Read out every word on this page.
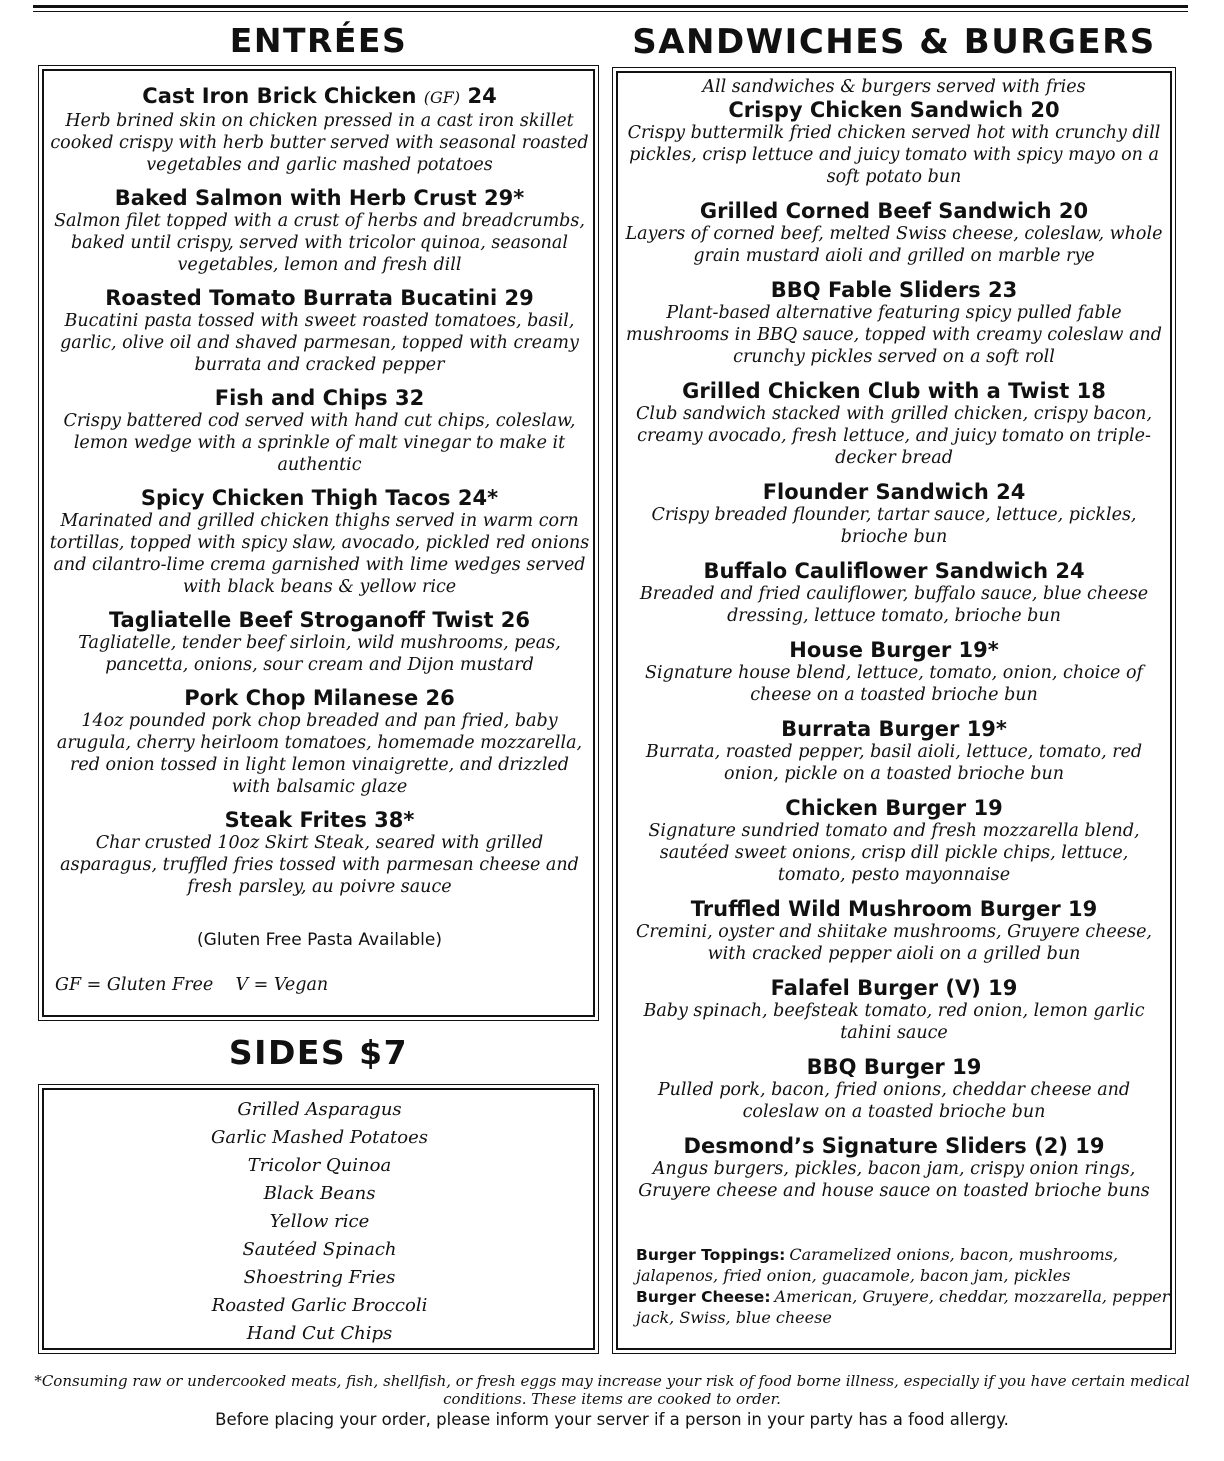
ENTRÉES
Cast Iron Brick Chicken (GF) 24
Herb brined skin on chicken pressed in a cast iron skillet cooked crispy with herb butter served with seasonal roasted vegetables and garlic mashed potatoes
Baked Salmon with Herb Crust 29*
Salmon filet topped with a crust of herbs and breadcrumbs, baked until crispy, served with tricolor quinoa, seasonal vegetables, lemon and fresh dill
Roasted Tomato Burrata Bucatini 29
Bucatini pasta tossed with sweet roasted tomatoes, basil, garlic, olive oil and shaved parmesan, topped with creamy burrata and cracked pepper
Fish and Chips 32
Crispy battered cod served with hand cut chips, coleslaw, lemon wedge with a sprinkle of malt vinegar to make it authentic
Spicy Chicken Thigh Tacos 24*
Marinated and grilled chicken thighs served in warm corn tortillas, topped with spicy slaw, avocado, pickled red onions and cilantro-lime crema garnished with lime wedges served with black beans & yellow rice
Tagliatelle Beef Stroganoff Twist 26
Tagliatelle, tender beef sirloin, wild mushrooms, peas, pancetta, onions, sour cream and Dijon mustard
Pork Chop Milanese 26
14oz pounded pork chop breaded and pan fried, baby arugula, cherry heirloom tomatoes, homemade mozzarella, red onion tossed in light lemon vinaigrette, and drizzled with balsamic glaze
Steak Frites 38*
Char crusted 10oz Skirt Steak, seared with grilled asparagus, truffled fries tossed with parmesan cheese and fresh parsley, au poivre sauce
(Gluten Free Pasta Available)
GF = Gluten Free V = Vegan
SIDES $7
Grilled Asparagus
Garlic Mashed Potatoes
Tricolor Quinoa
Black Beans
Yellow rice
Sautéed Spinach
Shoestring Fries
Roasted Garlic Broccoli
Hand Cut Chips
SANDWICHES & BURGERS
All sandwiches & burgers served with fries
Crispy Chicken Sandwich 20
Crispy buttermilk fried chicken served hot with crunchy dill pickles, crisp lettuce and juicy tomato with spicy mayo on a soft potato bun
Grilled Corned Beef Sandwich 20
Layers of corned beef, melted Swiss cheese, coleslaw, whole grain mustard aioli and grilled on marble rye
BBQ Fable Sliders 23
Plant-based alternative featuring spicy pulled fable mushrooms in BBQ sauce, topped with creamy coleslaw and crunchy pickles served on a soft roll
Grilled Chicken Club with a Twist 18
Club sandwich stacked with grilled chicken, crispy bacon, creamy avocado, fresh lettuce, and juicy tomato on triple-decker bread
Flounder Sandwich 24
Crispy breaded flounder, tartar sauce, lettuce, pickles, brioche bun
Buffalo Cauliflower Sandwich 24
Breaded and fried cauliflower, buffalo sauce, blue cheese dressing, lettuce tomato, brioche bun
House Burger 19*
Signature house blend, lettuce, tomato, onion, choice of cheese on a toasted brioche bun
Burrata Burger 19*
Burrata, roasted pepper, basil aioli, lettuce, tomato, red onion, pickle on a toasted brioche bun
Chicken Burger 19
Signature sundried tomato and fresh mozzarella blend, sautéed sweet onions, crisp dill pickle chips, lettuce, tomato, pesto mayonnaise
Truffled Wild Mushroom Burger 19
Cremini, oyster and shiitake mushrooms, Gruyere cheese, with cracked pepper aioli on a grilled bun
Falafel Burger (V) 19
Baby spinach, beefsteak tomato, red onion, lemon garlic tahini sauce
BBQ Burger 19
Pulled pork, bacon, fried onions, cheddar cheese and coleslaw on a toasted brioche bun
Desmond’s Signature Sliders (2) 19
Angus burgers, pickles, bacon jam, crispy onion rings, Gruyere cheese and house sauce on toasted brioche buns
Burger Toppings: Caramelized onions, bacon, mushrooms, jalapenos, fried onion, guacamole, bacon jam, pickles
Burger Cheese: American, Gruyere, cheddar, mozzarella, pepper jack, Swiss, blue cheese
*Consuming raw or undercooked meats, fish, shellfish, or fresh eggs may increase your risk of food borne illness, especially if you have certain medical conditions. These items are cooked to order.
Before placing your order, please inform your server if a person in your party has a food allergy.
